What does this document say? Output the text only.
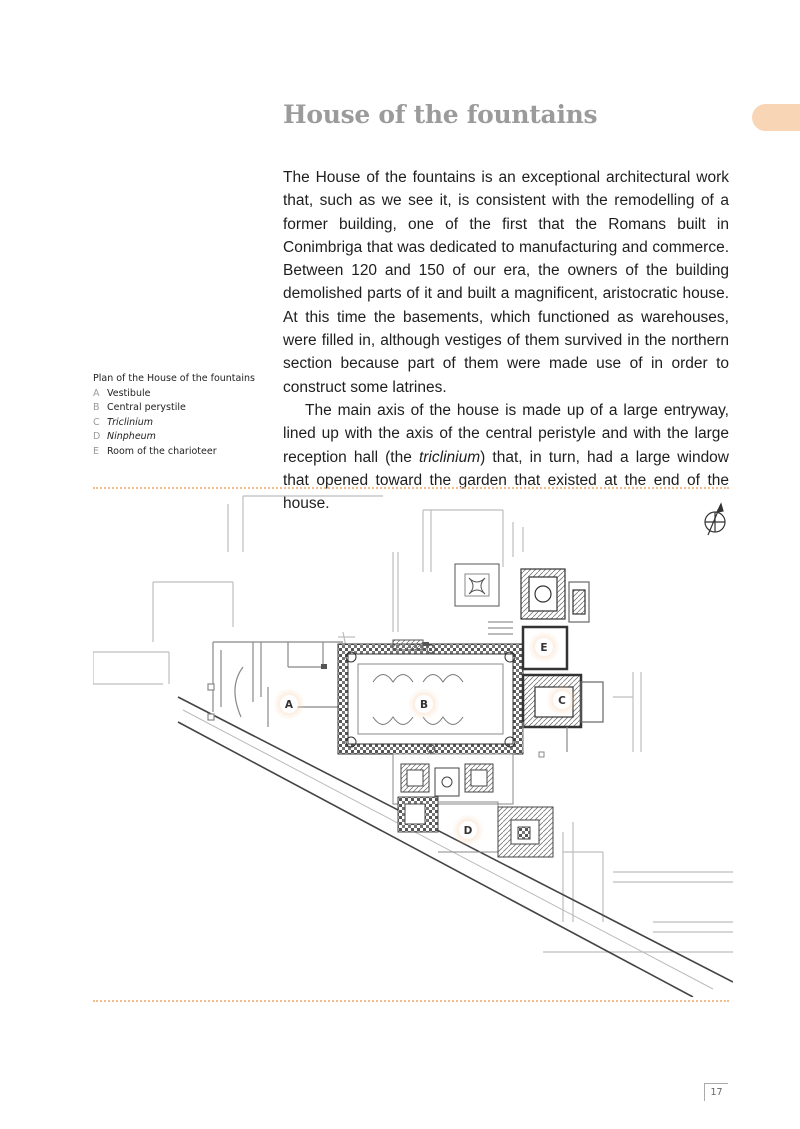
House of the fountains

The House of the fountains is an exceptional architectural work that, such as we see it, is consistent with the remodelling of a former building, one of the first that the Romans built in Conimbriga that was dedicated to manufacturing and commerce. Between 120 and 150 of our era, the owners of the building demolished parts of it and built a magnificent, aristocratic house. At this time the basements, which functioned as warehouses, were filled in, although vestiges of them survived in the northern section because part of them were made use of in order to construct some latrines.

The main axis of the house is made up of a large entryway, lined up with the axis of the central peristyle and with the large reception hall (the triclinium) that, in turn, had a large window that opened toward the garden that existed at the end of the house.

Plan of the House of the fountains
A Vestibule
B Central perystile
C Triclinium
D Ninpheum
E Room of the charioteer
A	B	C
D
E
17
